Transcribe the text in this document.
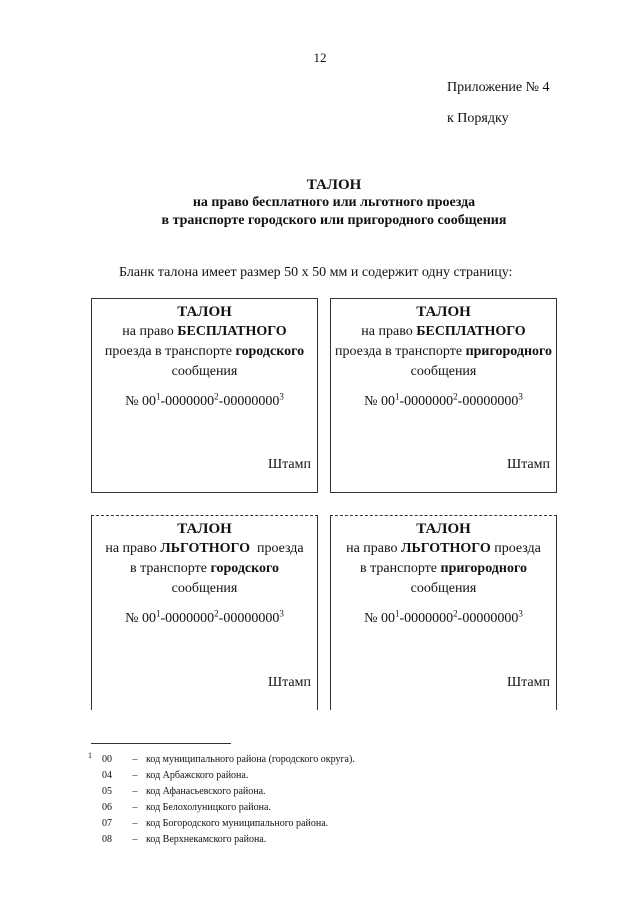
12
Приложение № 4
к Порядку
ТАЛОН
на право бесплатного или льготного проезда
в транспорте городского или пригородного сообщения
Бланк талона имеет размер 50 х 50 мм и содержит одну страницу:
ТАЛОН
на право БЕСПЛАТНОГО
проезда в транспорте городского
сообщения
№ $00^1-0000000^2-00000000^3$
Штамп
ТАЛОН
на право БЕСПЛАТНОГО
проезда в транспорте пригородного
сообщения
№ $00^1-0000000^2-00000000^3$
Штамп
ТАЛОН
на право ЛЬГОТНОГО  проезда
в транспорте городского
сообщения
№ $00^1-0000000^2-00000000^3$
Штамп
ТАЛОН
на право ЛЬГОТНОГО проезда
в транспорте пригородного
сообщения
№ $00^1-0000000^2-00000000^3$
Штамп
1	00	– код муниципального района (городского округа).
04	– код Арбажского района.
05	– код Афанасьевского района.
06	– код Белохолуницкого района.
07	– код Богородского муниципального района.
08	– код Верхнекамского района.
